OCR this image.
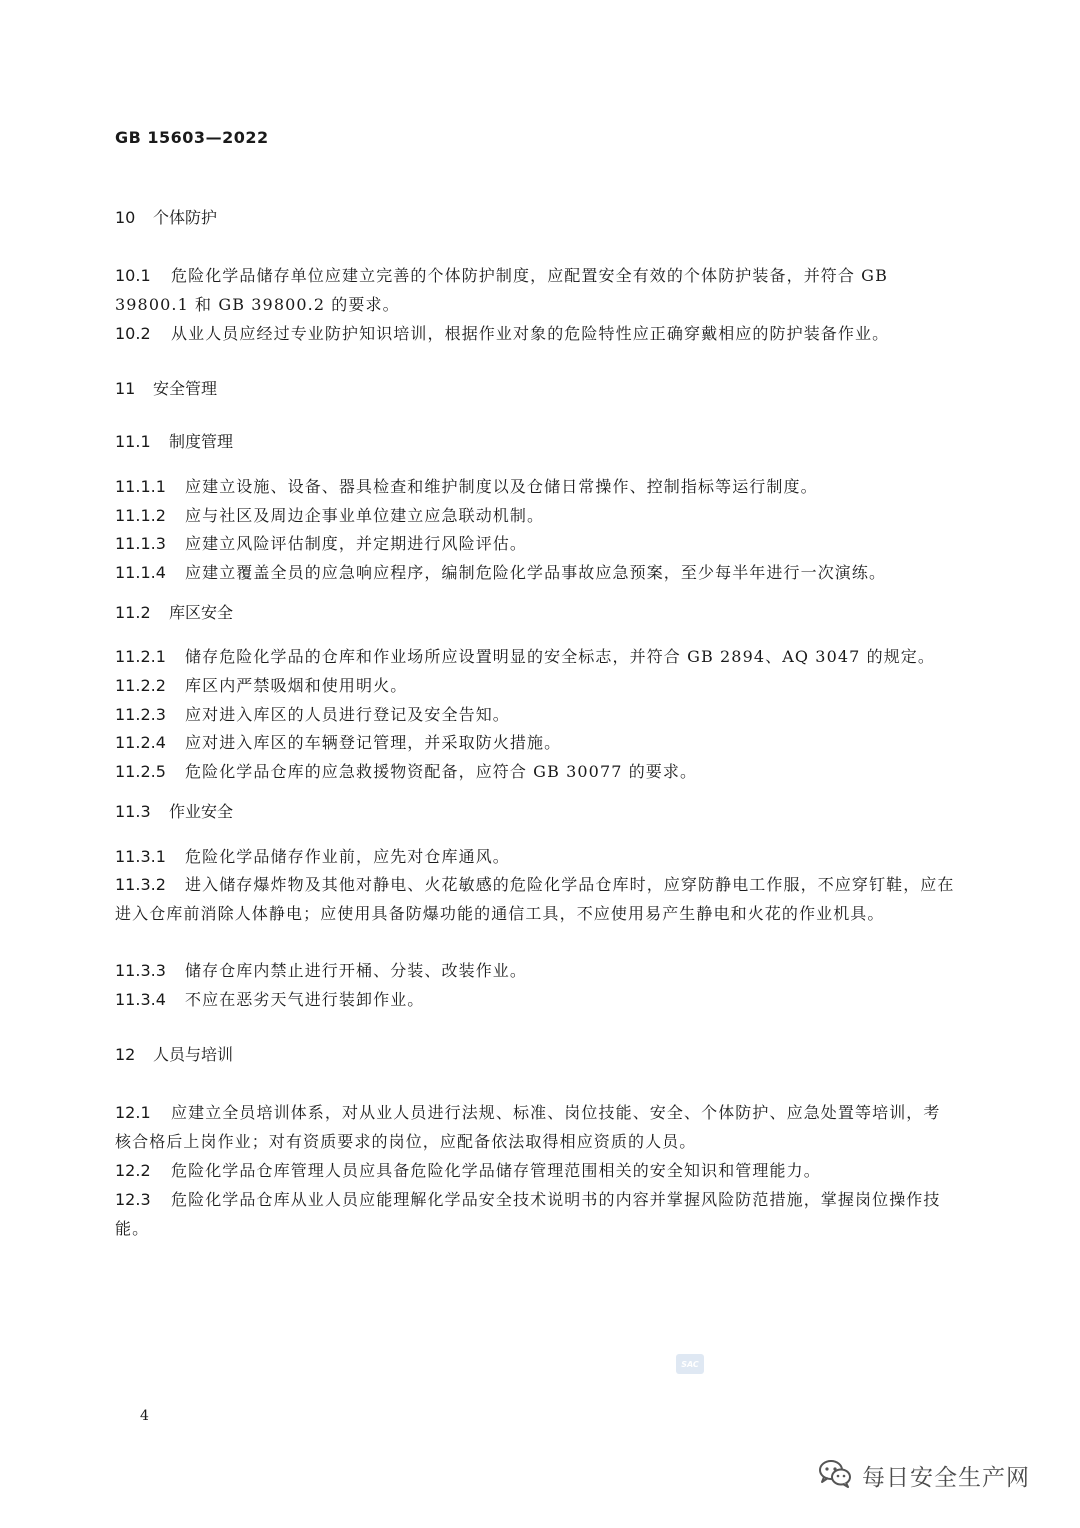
GB 15603—2022
10 个体防护
10.1 危险化学品储存单位应建立完善的个体防护制度，应配置安全有效的个体防护装备，并符合 GB 39800.1 和 GB 39800.2 的要求。
10.2 从业人员应经过专业防护知识培训，根据作业对象的危险特性应正确穿戴相应的防护装备作业。
11 安全管理
11.1 制度管理
11.1.1 应建立设施、设备、器具检查和维护制度以及仓储日常操作、控制指标等运行制度。
11.1.2 应与社区及周边企事业单位建立应急联动机制。
11.1.3 应建立风险评估制度，并定期进行风险评估。
11.1.4 应建立覆盖全员的应急响应程序，编制危险化学品事故应急预案，至少每半年进行一次演练。
11.2 库区安全
11.2.1 储存危险化学品的仓库和作业场所应设置明显的安全标志，并符合 GB 2894、AQ 3047 的规定。
11.2.2 库区内严禁吸烟和使用明火。
11.2.3 应对进入库区的人员进行登记及安全告知。
11.2.4 应对进入库区的车辆登记管理，并采取防火措施。
11.2.5 危险化学品仓库的应急救援物资配备，应符合 GB 30077 的要求。
11.3 作业安全
11.3.1 危险化学品储存作业前，应先对仓库通风。
11.3.2 进入储存爆炸物及其他对静电、火花敏感的危险化学品仓库时，应穿防静电工作服，不应穿钉鞋，应在进入仓库前消除人体静电；应使用具备防爆功能的通信工具，不应使用易产生静电和火花的作业机具。
11.3.3 储存仓库内禁止进行开桶、分装、改装作业。
11.3.4 不应在恶劣天气进行装卸作业。
12 人员与培训
12.1 应建立全员培训体系，对从业人员进行法规、标准、岗位技能、安全、个体防护、应急处置等培训，考核合格后上岗作业；对有资质要求的岗位，应配备依法取得相应资质的人员。
12.2 危险化学品仓库管理人员应具备危险化学品储存管理范围相关的安全知识和管理能力。
12.3 危险化学品仓库从业人员应能理解化学品安全技术说明书的内容并掌握风险防范措施，掌握岗位操作技能。
SAC
4
每日安全生产网
